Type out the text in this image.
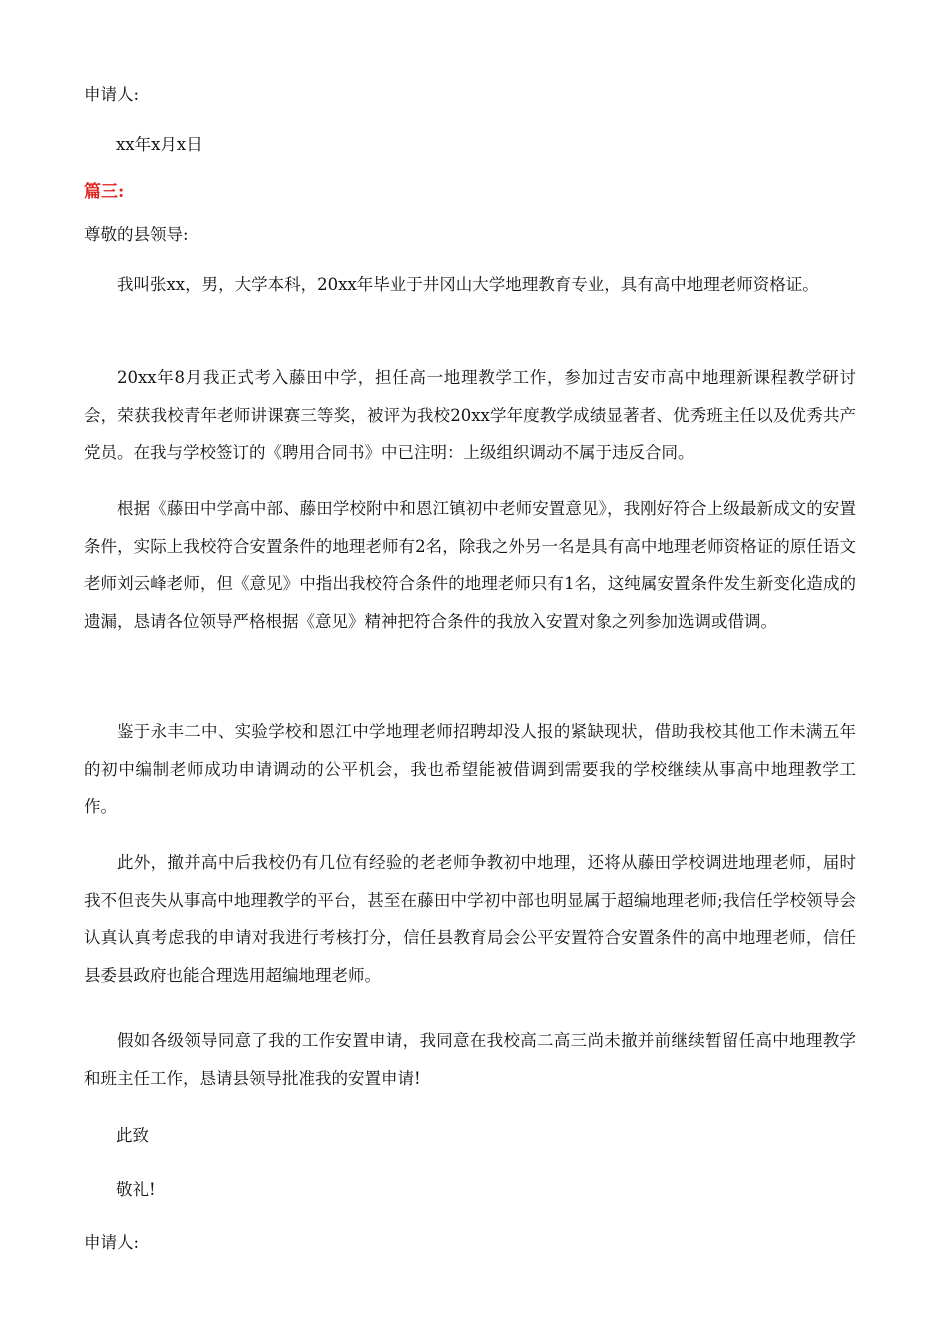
申请人:
xx年x月x日
篇三:
尊敬的县领导:

我叫张xx，男，大学本科，20xx年毕业于井冈山大学地理教育专业，具有高中地理老师资格证。

20xx年8月我正式考入藤田中学，担任高一地理教学工作，参加过吉安市高中地理新课程教学研讨会，荣获我校青年老师讲课赛三等奖，被评为我校20xx学年度教学成绩显著者、优秀班主任以及优秀共产党员。在我与学校签订的《聘用合同书》中已注明：上级组织调动不属于违反合同。

根据《藤田中学高中部、藤田学校附中和恩江镇初中老师安置意见》，我刚好符合上级最新成文的安置条件，实际上我校符合安置条件的地理老师有2名，除我之外另一名是具有高中地理老师资格证的原任语文老师刘云峰老师，但《意见》中指出我校符合条件的地理老师只有1名，这纯属安置条件发生新变化造成的遗漏，恳请各位领导严格根据《意见》精神把符合条件的我放入安置对象之列参加选调或借调。

鉴于永丰二中、实验学校和恩江中学地理老师招聘却没人报的紧缺现状，借助我校其他工作未满五年的初中编制老师成功申请调动的公平机会，我也希望能被借调到需要我的学校继续从事高中地理教学工作。

此外，撤并高中后我校仍有几位有经验的老老师争教初中地理，还将从藤田学校调进地理老师，届时我不但丧失从事高中地理教学的平台，甚至在藤田中学初中部也明显属于超编地理老师;我信任学校领导会认真认真考虑我的申请对我进行考核打分，信任县教育局会公平安置符合安置条件的高中地理老师，信任县委县政府也能合理选用超编地理老师。

假如各级领导同意了我的工作安置申请，我同意在我校高二高三尚未撤并前继续暂留任高中地理教学和班主任工作，恳请县领导批准我的安置申请!

此致
敬礼!
申请人:
